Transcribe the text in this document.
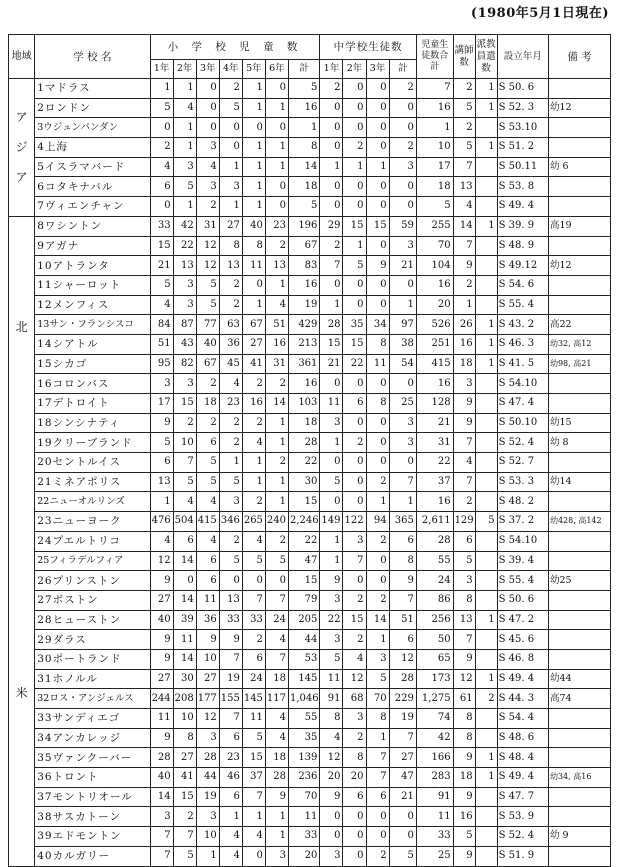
(1980年5月1日現在)
地域	学 校 名	小 学 校 児 童 数							中学校生徒数				児童生徒数合計	講師数	派教員遣数	設立年月	備 考
		1年	2年	3年	4年	5年	6年	計	1年	2年	3年	計					

ア
ジ
ア	1マドラス	1	1	0	2	1	0	5	2	0	0	2	7	2	1	S 50. 6	
	2ロンドン	5	4	0	5	1	1	16	0	0	0	0	16	5	1	S 52. 3	幼12
	3ウジュンパンダン	0	1	0	0	0	0	1	0	0	0	0	1	2		S 53.10	
	4上海	2	1	3	0	1	1	8	0	2	0	2	10	5	1	S 51. 2	
	5イスラマバード	4	3	4	1	1	1	14	1	1	1	3	17	7		S 50.11	幼 6
	6コタキナバル	6	5	3	3	1	0	18	0	0	0	0	18	13		S 53. 8	
	7ヴィエンチャン	0	1	2	1	1	0	5	0	0	0	0	5	4		S 49. 4	

北
米	8ワシントン	33	42	31	27	40	23	196	29	15	15	59	255	14	1	S 39. 9	高19
	9アガナ	15	22	12	8	8	2	67	2	1	0	3	70	7		S 48. 9	
	10アトランタ	21	13	12	13	11	13	83	7	5	9	21	104	9		S 49.12	幼12
	11シャーロット	5	3	5	2	0	1	16	0	0	0	0	16	2		S 54. 6	
	12メンフィス	4	3	5	2	1	4	19	1	0	0	1	20	1		S 55. 4	
	13サン・フランシスコ	84	87	77	63	67	51	429	28	35	34	97	526	26	1	S 43. 2	高22
	14シアトル	51	43	40	36	27	16	213	15	15	8	38	251	16	1	S 46. 3	幼32, 高12
	15シカゴ	95	82	67	45	41	31	361	21	22	11	54	415	18	1	S 41. 5	幼98, 高21
	16コロンバス	3	3	2	4	2	2	16	0	0	0	0	16	3		S 54.10	
	17デトロイト	17	15	18	23	16	14	103	11	6	8	25	128	9		S 47. 4	
	18シンシナティ	9	2	2	2	2	1	18	3	0	0	3	21	9		S 50.10	幼15
	19クリーブランド	5	10	6	2	4	1	28	1	2	0	3	31	7		S 52. 4	幼 8
	20セントルイス	6	7	5	1	1	2	22	0	0	0	0	22	4		S 52. 7	
	21ミネアポリス	13	5	5	5	1	1	30	5	0	2	7	37	7		S 53. 3	幼14
	22ニューオルリンズ	1	4	4	3	2	1	15	0	0	1	1	16	2		S 48. 2	
	23ニューヨーク	476	504	415	346	265	240	2,246	149	122	94	365	2,611	129	5	S 37. 2	幼428, 高142
	24プエルトリコ	4	6	4	2	4	2	22	1	3	2	6	28	6		S 54.10	
	25フィラデルフィア	12	14	6	5	5	5	47	1	7	0	8	55	5		S 39. 4	
	26プリンストン	9	0	6	0	0	0	15	9	0	0	9	24	3		S 55. 4	幼25
	27ボストン	27	14	11	13	7	7	79	3	2	2	7	86	8		S 50. 6	
	28ヒューストン	40	39	36	33	33	24	205	22	15	14	51	256	13	1	S 47. 2	
	29ダラス	9	11	9	9	2	4	44	3	2	1	6	50	7		S 45. 6	
	30ポートランド	9	14	10	7	6	7	53	5	4	3	12	65	9		S 46. 8	
	31ホノルル	27	30	27	19	24	18	145	11	12	5	28	173	12	1	S 49. 4	幼44
	32ロス・アンジェルス	244	208	177	155	145	117	1,046	91	68	70	229	1,275	61	2	S 44. 3	高74
	33サンディエゴ	11	10	12	7	11	4	55	8	3	8	19	74	8		S 54. 4	
	34アンカレッジ	9	8	3	6	5	4	35	4	2	1	7	42	8		S 48. 6	
	35ヴァンクーバー	28	27	28	23	15	18	139	12	8	7	27	166	9	1	S 48. 4	
	36トロント	40	41	44	46	37	28	236	20	20	7	47	283	18	1	S 49. 4	幼34, 高16
	37モントリオール	14	15	19	6	7	9	70	9	6	6	21	91	9		S 47. 7	
	38サスカトーン	3	2	3	1	1	1	11	0	0	0	0	11	16		S 53. 9	
	39エドモントン	7	7	10	4	4	1	33	0	0	0	0	33	5		S 52. 4	幼 9
	40カルガリー	7	5	1	4	0	3	20	3	0	2	5	25	9		S 51. 9	
